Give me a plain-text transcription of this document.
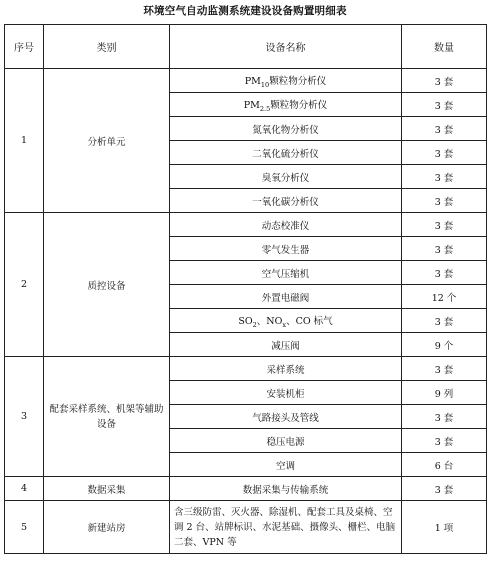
环境空气自动监测系统建设设备购置明细表
序号	类别	设备名称	数量
1	分析单元	$PM_{10}$颗粒物分析仪	3 套
		$PM_{2.5}$颗粒物分析仪	3 套
		氮氧化物分析仪	3 套
		二氧化硫分析仪	3 套
		臭氧分析仪	3 套
		一氧化碳分析仪	3 套
2	质控设备	动态校准仪	3 套
		零气发生器	3 套
		空气压缩机	3 套
		外置电磁阀	12 个
		$SO_2$、$NO_x$、CO 标气	3 套
		减压阀	9 个
3	配套采样系统、机架等辅助设备	采样系统	3 套
		安装机柜	9 列
		气路接头及管线	3 套
		稳压电源	3 套
		空调	6 台
4	数据采集	数据采集与传输系统	3 套
5	新建站房	含三级防雷、灭火器、除湿机、配套工具及桌椅、空调 2 台、站牌标识、水泥基础、摄像头、栅栏、电脑二套、VPN 等	1 项
